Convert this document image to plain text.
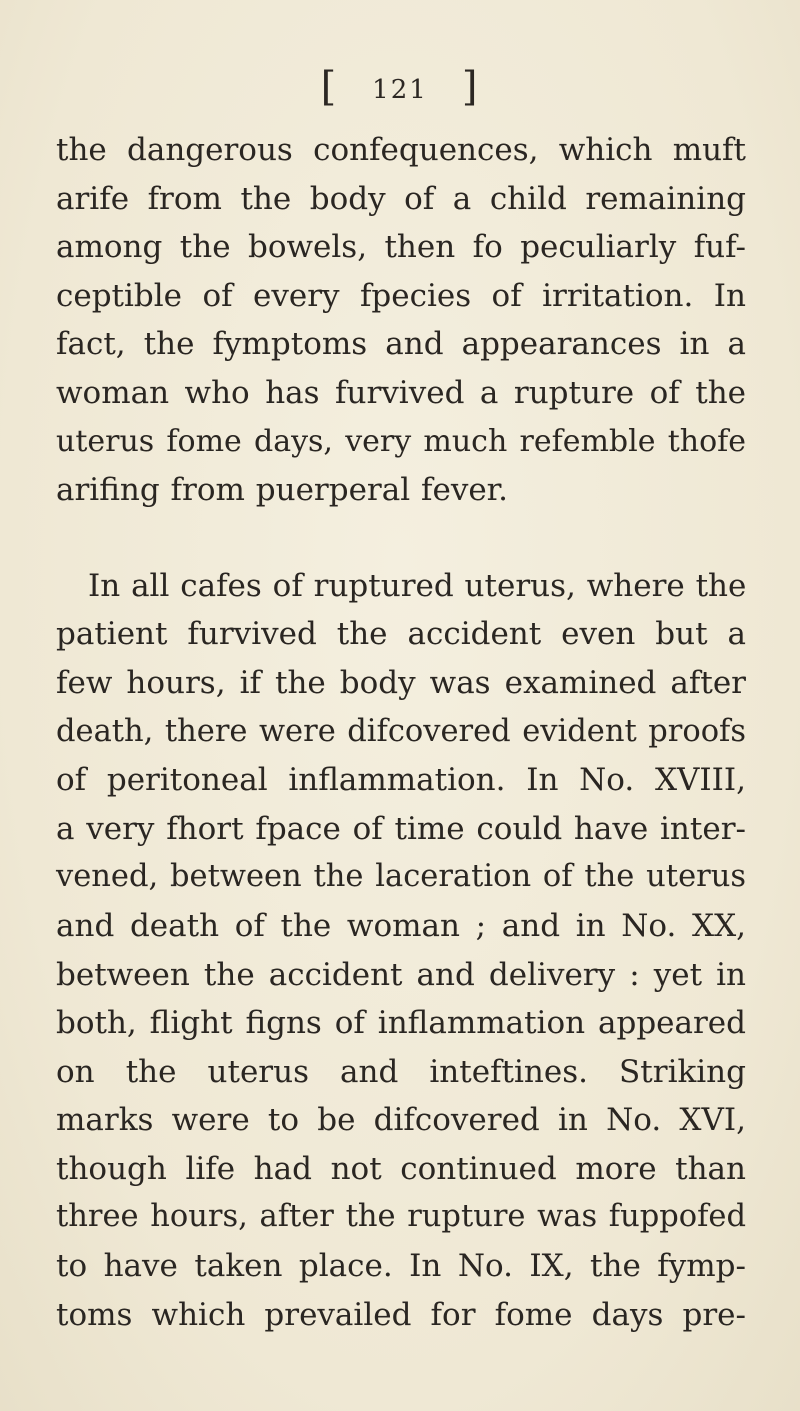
[ 121 ]
the dangerous confequences, which muft
arife from the body of a child remaining
among the bowels, then fo peculiarly fuf-
ceptible of every fpecies of irritation. In
fact, the fymptoms and appearances in a
woman who has furvived a rupture of the
uterus fome days, very much refemble thofe
arifing from puerperal fever.
In all cafes of ruptured uterus, where the
patient furvived the accident even but a
few hours, if the body was examined after
death, there were difcovered evident proofs
of peritoneal inflammation. In No. XVIII,
a very fhort fpace of time could have inter-
vened, between the laceration of the uterus
and death of the woman ; and in No. XX,
between the accident and delivery : yet in
both, flight figns of inflammation appeared
on the uterus and inteftines. Striking
marks were to be difcovered in No. XVI,
though life had not continued more than
three hours, after the rupture was fuppofed
to have taken place. In No. IX, the fymp-
toms which prevailed for fome days pre-
